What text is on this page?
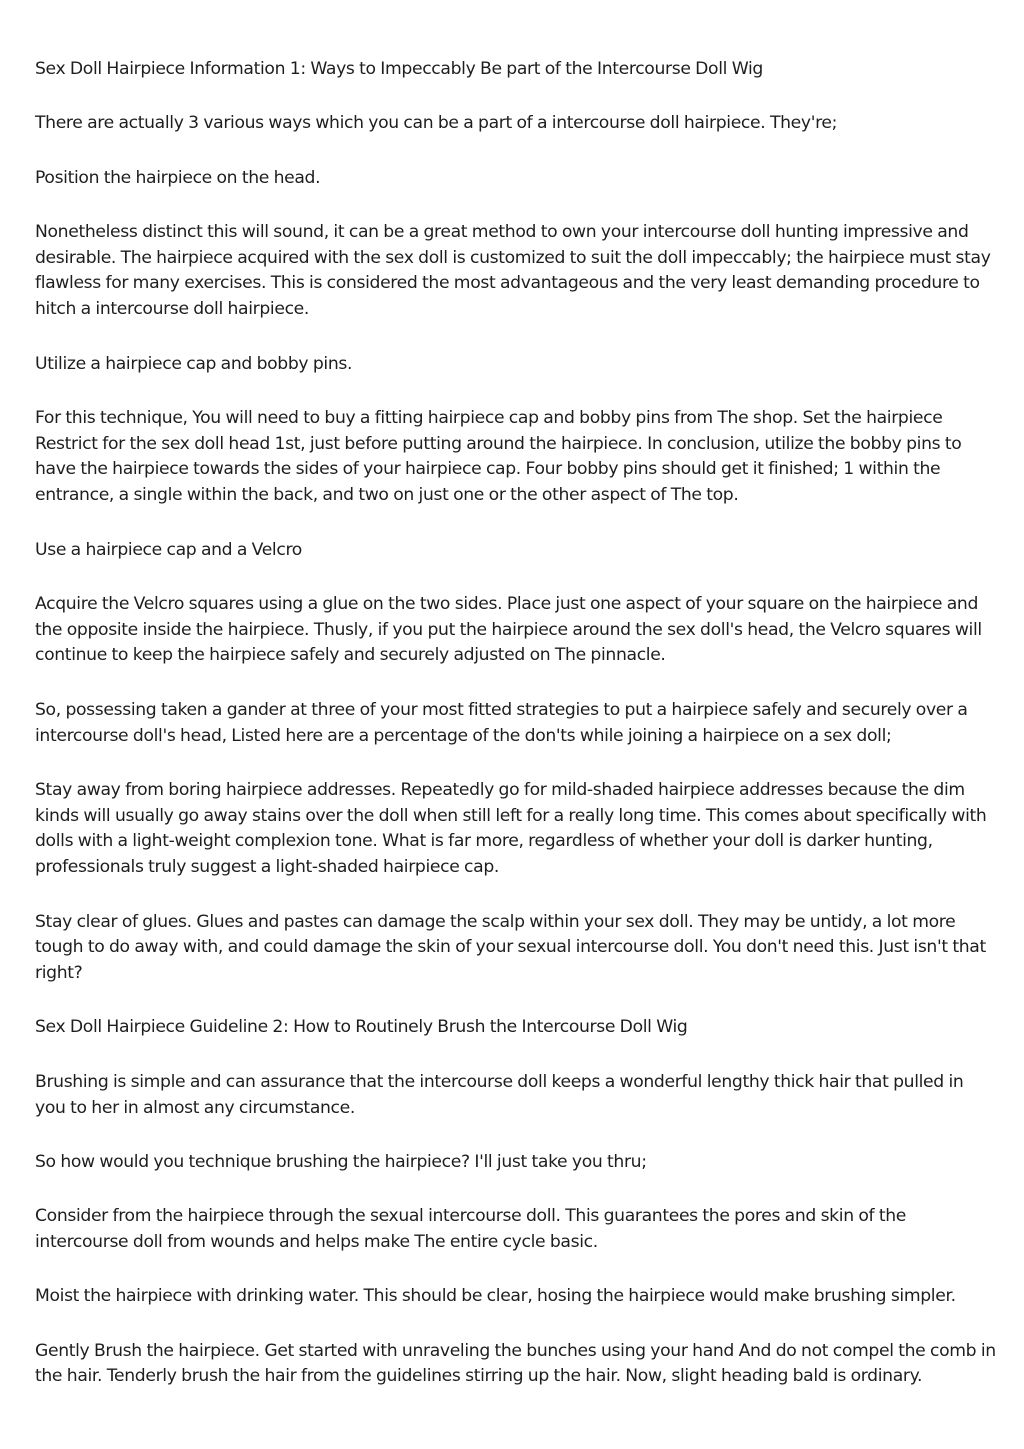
Sex Doll Hairpiece Information 1: Ways to Impeccably Be part of the Intercourse Doll Wig

There are actually 3 various ways which you can be a part of a intercourse doll hairpiece. They're;

Position the hairpiece on the head.

Nonetheless distinct this will sound, it can be a great method to own your intercourse doll hunting impressive and desirable. The hairpiece acquired with the sex doll is customized to suit the doll impeccably; the hairpiece must stay flawless for many exercises. This is considered the most advantageous and the very least demanding procedure to hitch a intercourse doll hairpiece.

Utilize a hairpiece cap and bobby pins.

For this technique, You will need to buy a fitting hairpiece cap and bobby pins from The shop. Set the hairpiece Restrict for the sex doll head 1st, just before putting around the hairpiece. In conclusion, utilize the bobby pins to have the hairpiece towards the sides of your hairpiece cap. Four bobby pins should get it finished; 1 within the entrance, a single within the back, and two on just one or the other aspect of The top.

Use a hairpiece cap and a Velcro

Acquire the Velcro squares using a glue on the two sides. Place just one aspect of your square on the hairpiece and the opposite inside the hairpiece. Thusly, if you put the hairpiece around the sex doll's head, the Velcro squares will continue to keep the hairpiece safely and securely adjusted on The pinnacle.

So, possessing taken a gander at three of your most fitted strategies to put a hairpiece safely and securely over a intercourse doll's head, Listed here are a percentage of the don'ts while joining a hairpiece on a sex doll;

Stay away from boring hairpiece addresses. Repeatedly go for mild-shaded hairpiece addresses because the dim kinds will usually go away stains over the doll when still left for a really long time. This comes about specifically with dolls with a light-weight complexion tone. What is far more, regardless of whether your doll is darker hunting, professionals truly suggest a light-shaded hairpiece cap.

Stay clear of glues. Glues and pastes can damage the scalp within your sex doll. They may be untidy, a lot more tough to do away with, and could damage the skin of your sexual intercourse doll. You don't need this. Just isn't that right?

Sex Doll Hairpiece Guideline 2: How to Routinely Brush the Intercourse Doll Wig

Brushing is simple and can assurance that the intercourse doll keeps a wonderful lengthy thick hair that pulled in you to her in almost any circumstance.

So how would you technique brushing the hairpiece? I'll just take you thru;

Consider from the hairpiece through the sexual intercourse doll. This guarantees the pores and skin of the intercourse doll from wounds and helps make The entire cycle basic.

Moist the hairpiece with drinking water. This should be clear, hosing the hairpiece would make brushing simpler.

Gently Brush the hairpiece. Get started with unraveling the bunches using your hand And do not compel the comb in the hair. Tenderly brush the hair from the guidelines stirring up the hair. Now, slight heading bald is ordinary.
